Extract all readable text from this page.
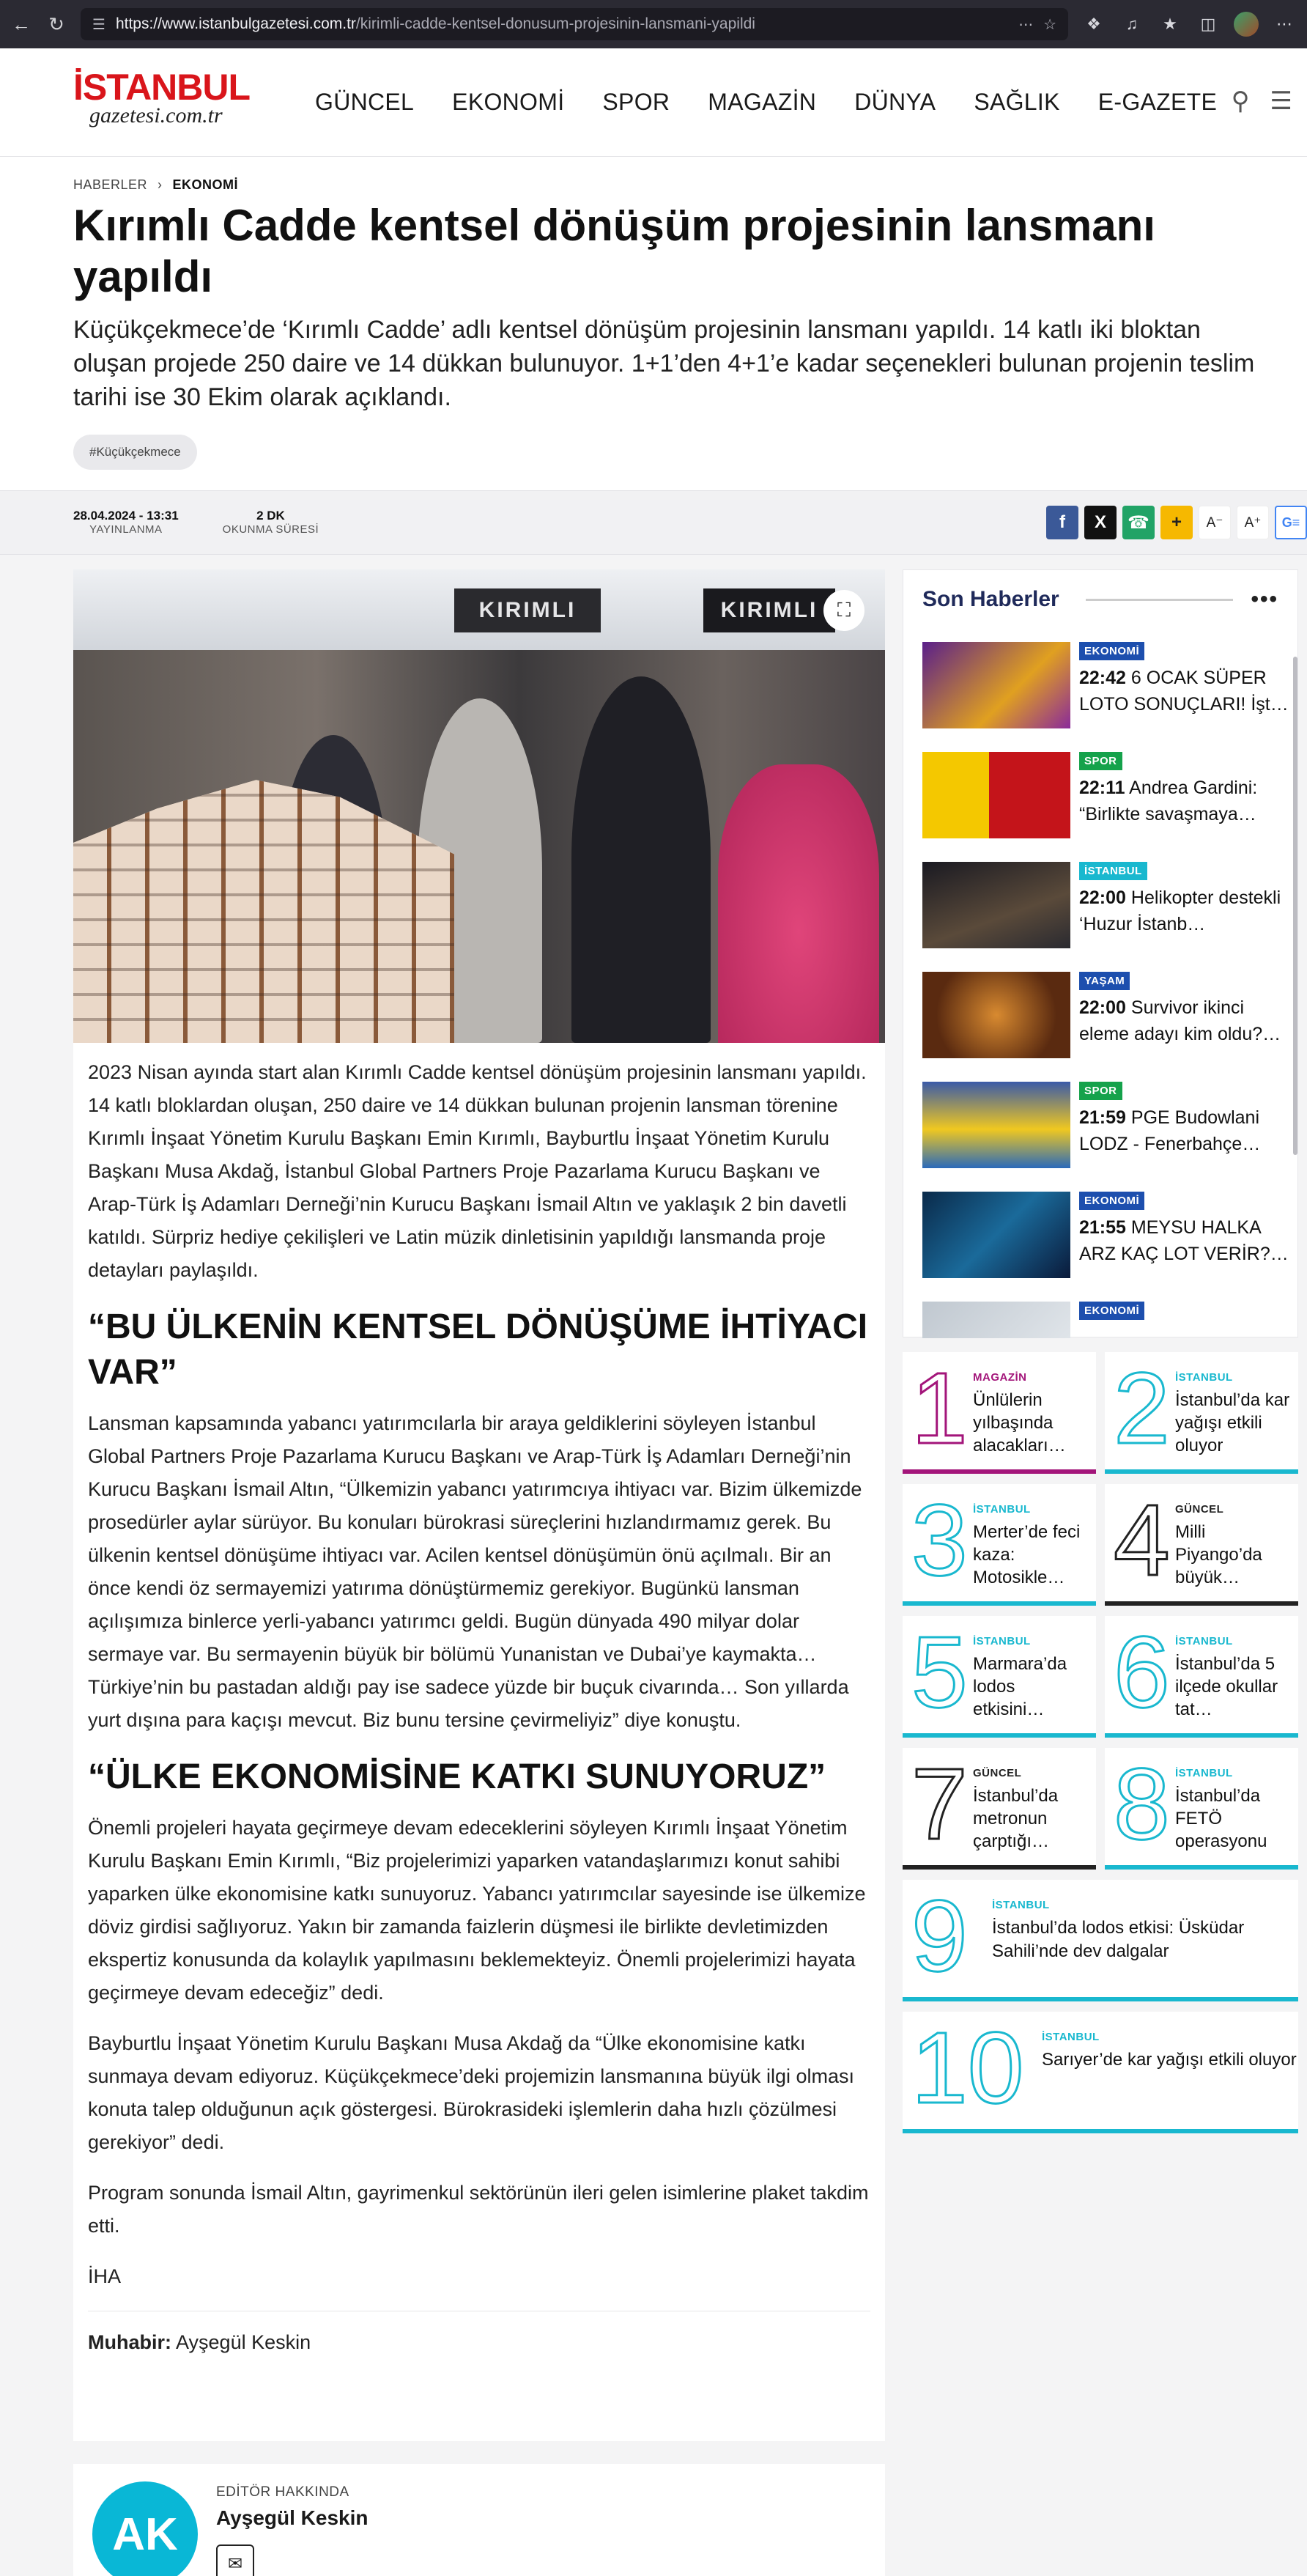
← ↻ ☰ https://www.istanbulgazetesi.com.tr/kirimli-cadde-kentsel-donusum-projesinin-lansmani-yapildi	⋯ ☆	❖	♫	★	◫	⋯
İSTANBUL
gazetesi.com.tr	GÜNCEL EKONOMİ SPOR MAGAZİN DÜNYA SAĞLIK E-GAZETE ⚲ ☰
HABERLER › EKONOMİ
Kırımlı Cadde kentsel dönüşüm projesinin lansmanı yapıldı

Küçükçekmece’de ‘Kırımlı Cadde’ adlı kentsel dönüşüm projesinin lansmanı yapıldı. 14 katlı iki bloktan oluşan projede 250 daire ve 14 dükkan bulunuyor. 1+1’den 4+1’e kadar seçenekleri bulunan projenin teslim tarihi ise 30 Ekim olarak açıklandı.

#Küçükçekmece
28.04.2024 - 13:31
YAYINLANMA
2 DK
OKUNMA SÜRESİ	f	X	☎	+	A⁻	A⁺	G≡
KIRIMLI	KIRIMLI	⛶

2023 Nisan ayında start alan Kırımlı Cadde kentsel dönüşüm projesinin lansmanı yapıldı. 14 katlı bloklardan oluşan, 250 daire ve 14 dükkan bulunan projenin lansman törenine Kırımlı İnşaat Yönetim Kurulu Başkanı Emin Kırımlı, Bayburtlu İnşaat Yönetim Kurulu Başkanı Musa Akdağ, İstanbul Global Partners Proje Pazarlama Kurucu Başkanı ve Arap-Türk İş Adamları Derneği’nin Kurucu Başkanı İsmail Altın ve yaklaşık 2 bin davetli katıldı. Sürpriz hediye çekilişleri ve Latin müzik dinletisinin yapıldığı lansmanda proje detayları paylaşıldı.

“BU ÜLKENİN KENTSEL DÖNÜŞÜME İHTİYACI VAR”

Lansman kapsamında yabancı yatırımcılarla bir araya geldiklerini söyleyen İstanbul Global Partners Proje Pazarlama Kurucu Başkanı ve Arap-Türk İş Adamları Derneği’nin Kurucu Başkanı İsmail Altın, “Ülkemizin yabancı yatırımcıya ihtiyacı var. Bizim ülkemizde prosedürler aylar sürüyor. Bu konuları bürokrasi süreçlerini hızlandırmamız gerek. Bu ülkenin kentsel dönüşüme ihtiyacı var. Acilen kentsel dönüşümün önü açılmalı. Bir an önce kendi öz sermayemizi yatırıma dönüştürmemiz gerekiyor. Bugünkü lansman açılışımıza binlerce yerli-yabancı yatırımcı geldi. Bugün dünyada 490 milyar dolar sermaye var. Bu sermayenin büyük bir bölümü Yunanistan ve Dubai’ye kaymakta… Türkiye’nin bu pastadan aldığı pay ise sadece yüzde bir buçuk civarında… Son yıllarda yurt dışına para kaçışı mevcut. Biz bunu tersine çevirmeliyiz” diye konuştu.

“ÜLKE EKONOMİSİNE KATKI SUNUYORUZ”

Önemli projeleri hayata geçirmeye devam edeceklerini söyleyen Kırımlı İnşaat Yönetim Kurulu Başkanı Emin Kırımlı, “Biz projelerimizi yaparken vatandaşlarımızı konut sahibi yaparken ülke ekonomisine katkı sunuyoruz. Yabancı yatırımcılar sayesinde ise ülkemize döviz girdisi sağlıyoruz. Yakın bir zamanda faizlerin düşmesi ile birlikte devletimizden ekspertiz konusunda da kolaylık yapılmasını beklemekteyiz. Önemli projelerimizi hayata geçirmeye devam edeceğiz” dedi.

Bayburtlu İnşaat Yönetim Kurulu Başkanı Musa Akdağ da “Ülke ekonomisine katkı sunmaya devam ediyoruz. Küçükçekmece’deki projemizin lansmanına büyük ilgi olması konuta talep olduğunun açık göstergesi. Bürokrasideki işlemlerin daha hızlı çözülmesi gerekiyor” dedi.

Program sonunda İsmail Altın, gayrimenkul sektörünün ileri gelen isimlerine plaket takdim etti.

İHA

Muhabir: Ayşegül Keskin

AK
EDİTÖR HAKKINDA
Ayşegül Keskin
✉
Son Haberler	•••
EKONOMİ
22:42 6 OCAK SÜPER LOTO SONUÇLARI! İşt…
SPOR
22:11 Andrea Gardini: “Birlikte savaşmaya…
İSTANBUL
22:00 Helikopter destekli ‘Huzur İstanb…
YAŞAM
22:00 Survivor ikinci eleme adayı kim oldu?…
SPOR
21:59 PGE Budowlani LODZ - Fenerbahçe…
EKONOMİ
21:55 MEYSU HALKA ARZ KAÇ LOT VERİR?…
EKONOMİ
1 MAGAZİN
Ünlülerin yılbaşında alacakları… 2 İSTANBUL
İstanbul’da kar yağışı etkili oluyor
3 İSTANBUL
Merter’de feci kaza: Motosikle… 4 GÜNCEL
Milli Piyango’da büyük…
5 İSTANBUL
Marmara’da lodos etkisini… 6 İSTANBUL
İstanbul’da 5 ilçede okullar tat…
7 GÜNCEL
İstanbul’da metronun çarptığı… 8 İSTANBUL
İstanbul’da FETÖ operasyonu
9 İSTANBUL
İstanbul’da lodos etkisi: Üsküdar Sahili’nde dev dalgalar
10 İSTANBUL
Sarıyer’de kar yağışı etkili oluyor
